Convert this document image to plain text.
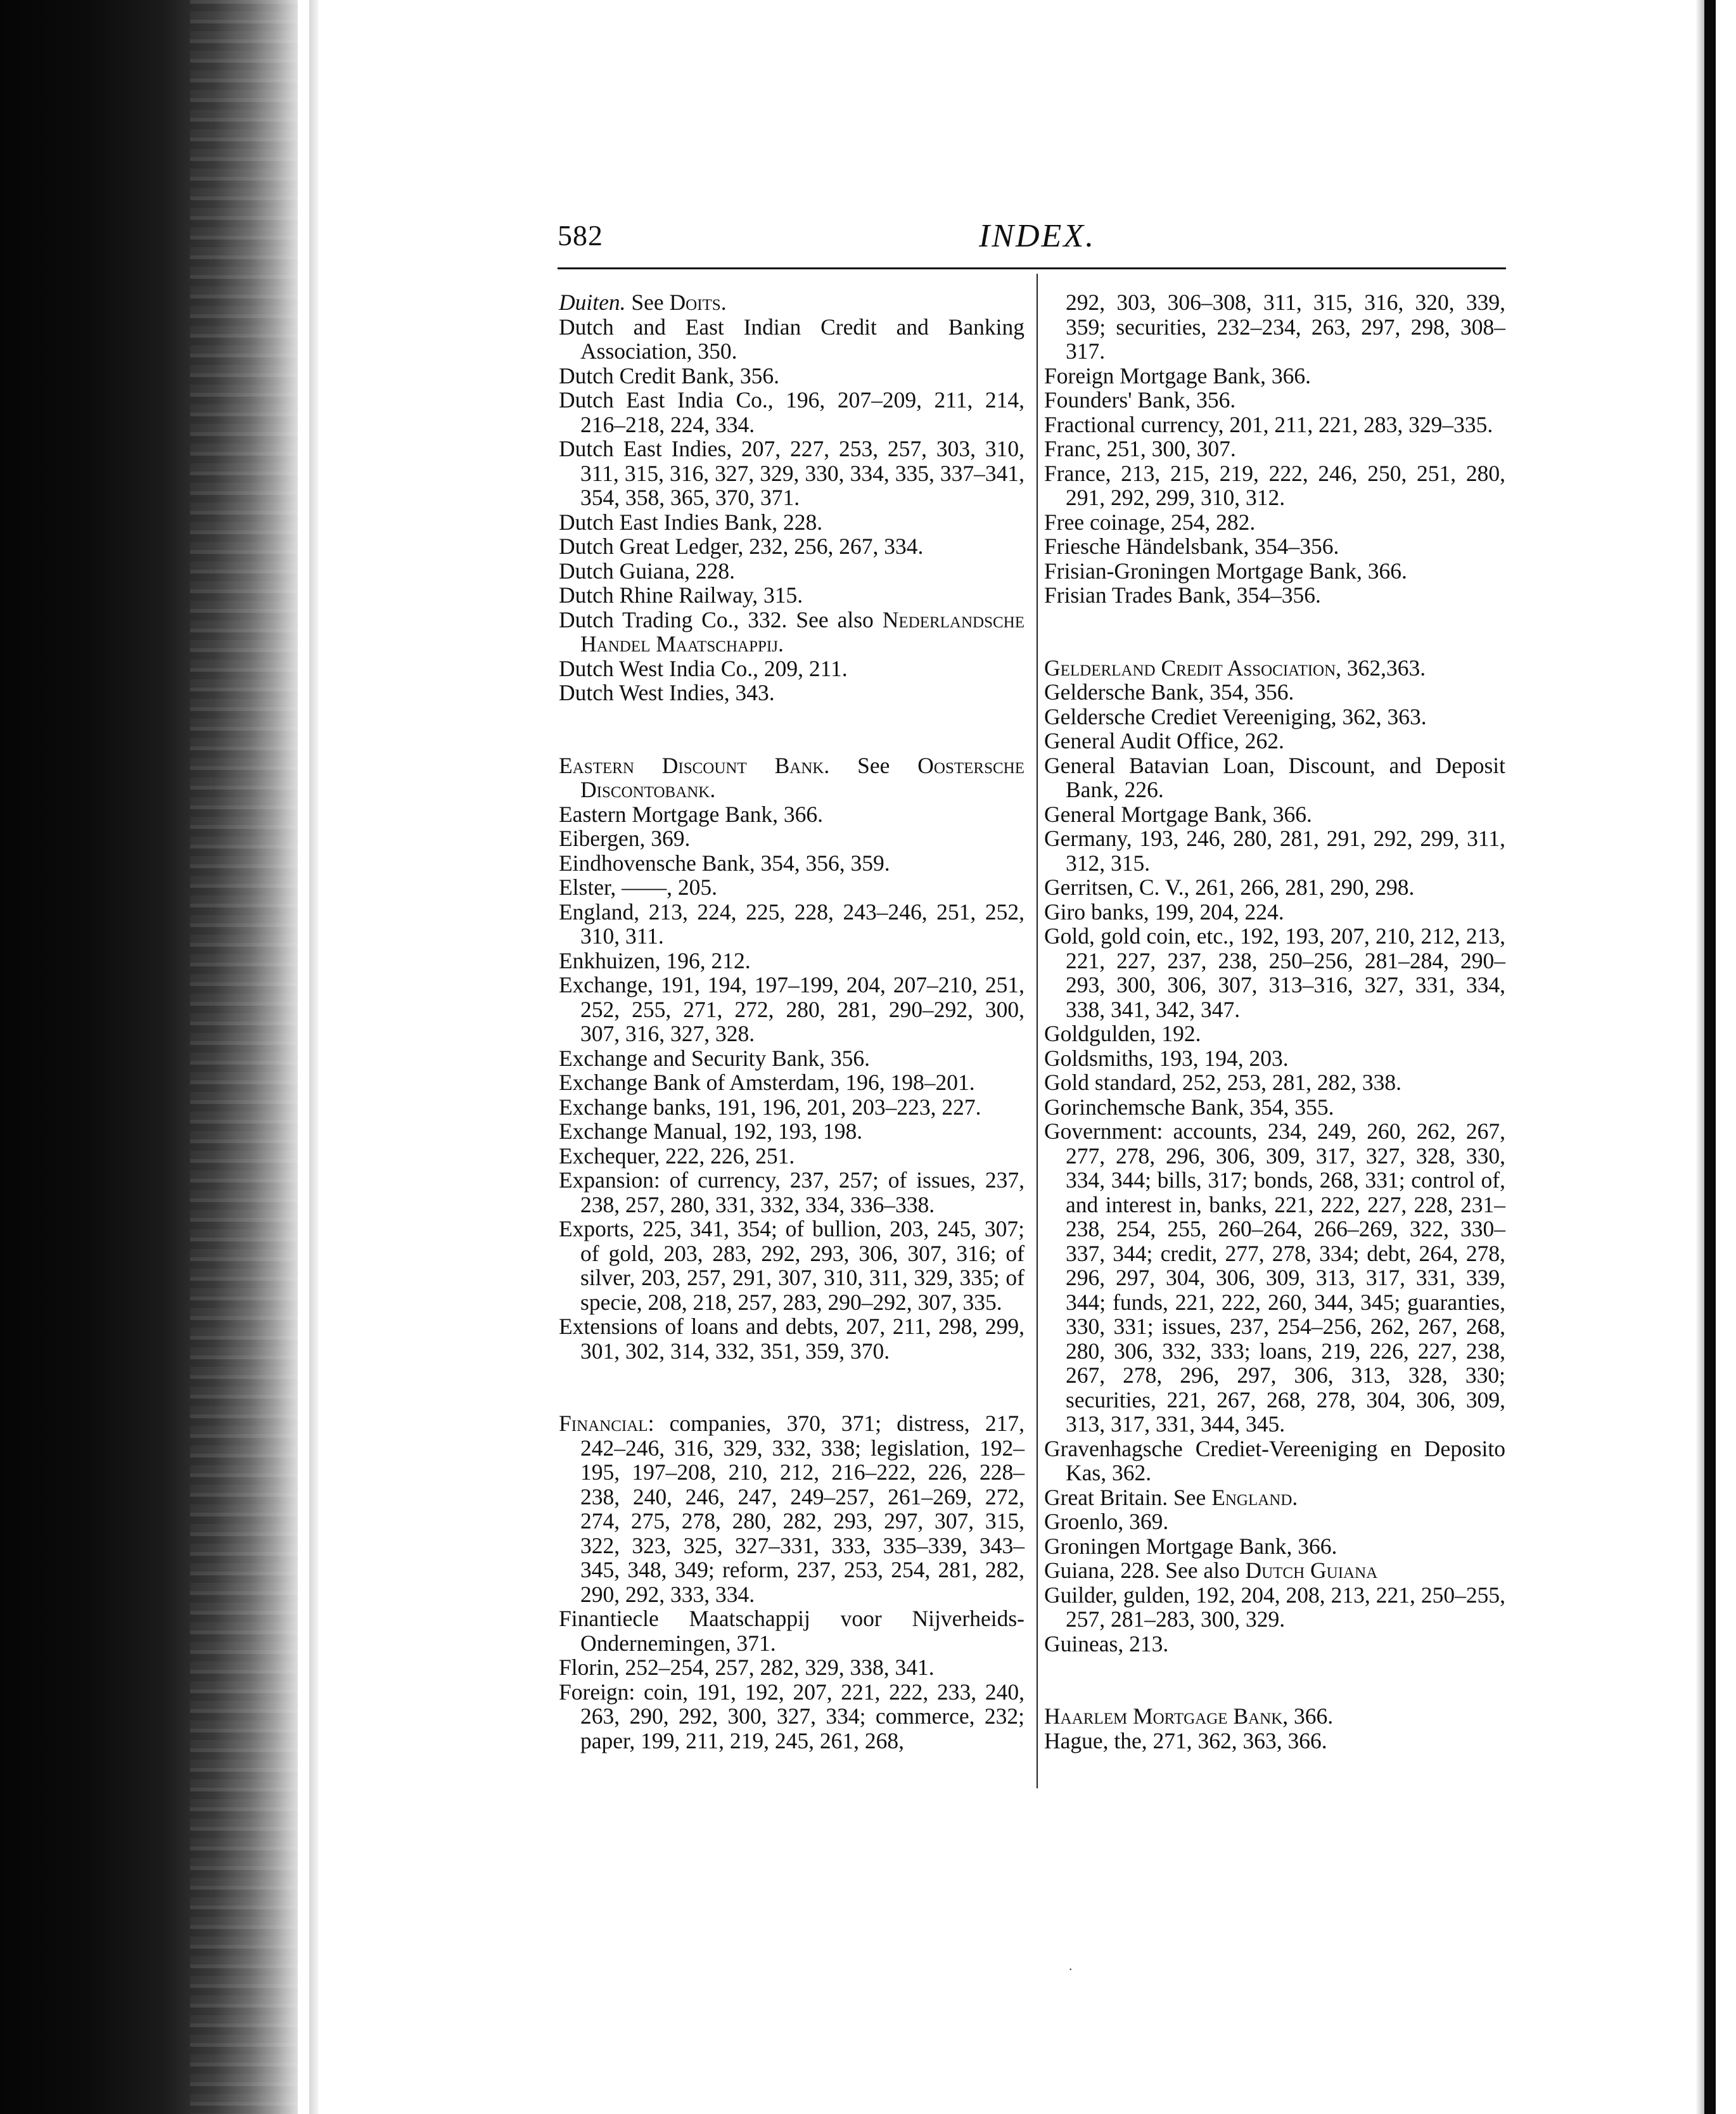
582	INDEX.

Duiten. See Doits.

Dutch and East Indian Credit and Banking Association, 350.

Dutch Credit Bank, 356.

Dutch East India Co., 196, 207–209, 211, 214, 216–218, 224, 334.

Dutch East Indies, 207, 227, 253, 257, 303, 310, 311, 315, 316, 327, 329, 330, 334, 335, 337–341, 354, 358, 365, 370, 371.

Dutch East Indies Bank, 228.

Dutch Great Ledger, 232, 256, 267, 334.

Dutch Guiana, 228.

Dutch Rhine Railway, 315.

Dutch Trading Co., 332. See also Nederlandsche Handel Maatschappij.

Dutch West India Co., 209, 211.

Dutch West Indies, 343.

Eastern Discount Bank. See Oostersche Discontobank.

Eastern Mortgage Bank, 366.

Eibergen, 369.

Eindhovensche Bank, 354, 356, 359.

Elster, ——, 205.

England, 213, 224, 225, 228, 243–246, 251, 252, 310, 311.

Enkhuizen, 196, 212.

Exchange, 191, 194, 197–199, 204, 207–210, 251, 252, 255, 271, 272, 280, 281, 290–292, 300, 307, 316, 327, 328.

Exchange and Security Bank, 356.

Exchange Bank of Amsterdam, 196, 198–201.

Exchange banks, 191, 196, 201, 203–223, 227.

Exchange Manual, 192, 193, 198.

Exchequer, 222, 226, 251.

Expansion: of currency, 237, 257; of issues, 237, 238, 257, 280, 331, 332, 334, 336–338.

Exports, 225, 341, 354; of bullion, 203, 245, 307; of gold, 203, 283, 292, 293, 306, 307, 316; of silver, 203, 257, 291, 307, 310, 311, 329, 335; of specie, 208, 218, 257, 283, 290–292, 307, 335.

Extensions of loans and debts, 207, 211, 298, 299, 301, 302, 314, 332, 351, 359, 370.

Financial: companies, 370, 371; distress, 217, 242–246, 316, 329, 332, 338; legislation, 192–195, 197–208, 210, 212, 216–222, 226, 228–238, 240, 246, 247, 249–257, 261–269, 272, 274, 275, 278, 280, 282, 293, 297, 307, 315, 322, 323, 325, 327–331, 333, 335–339, 343–345, 348, 349; reform, 237, 253, 254, 281, 282, 290, 292, 333, 334.

Finantiecle Maatschappij voor Nijverheids-Ondernemingen, 371.

Florin, 252–254, 257, 282, 329, 338, 341.

Foreign: coin, 191, 192, 207, 221, 222, 233, 240, 263, 290, 292, 300, 327, 334; commerce, 232; paper, 199, 211, 219, 245, 261, 268,

292, 303, 306–308, 311, 315, 316, 320, 339, 359; securities, 232–234, 263, 297, 298, 308–317.

Foreign Mortgage Bank, 366.

Founders' Bank, 356.

Fractional currency, 201, 211, 221, 283, 329–335.

Franc, 251, 300, 307.

France, 213, 215, 219, 222, 246, 250, 251, 280, 291, 292, 299, 310, 312.

Free coinage, 254, 282.

Friesche Händelsbank, 354–356.

Frisian-Groningen Mortgage Bank, 366.

Frisian Trades Bank, 354–356.

Gelderland Credit Association, 362,363.

Geldersche Bank, 354, 356.

Geldersche Crediet Vereeniging, 362, 363.

General Audit Office, 262.

General Batavian Loan, Discount, and Deposit Bank, 226.

General Mortgage Bank, 366.

Germany, 193, 246, 280, 281, 291, 292, 299, 311, 312, 315.

Gerritsen, C. V., 261, 266, 281, 290, 298.

Giro banks, 199, 204, 224.

Gold, gold coin, etc., 192, 193, 207, 210, 212, 213, 221, 227, 237, 238, 250–256, 281–284, 290–293, 300, 306, 307, 313–316, 327, 331, 334, 338, 341, 342, 347.

Goldgulden, 192.

Goldsmiths, 193, 194, 203.

Gold standard, 252, 253, 281, 282, 338.

Gorinchemsche Bank, 354, 355.

Government: accounts, 234, 249, 260, 262, 267, 277, 278, 296, 306, 309, 317, 327, 328, 330, 334, 344; bills, 317; bonds, 268, 331; control of, and interest in, banks, 221, 222, 227, 228, 231–238, 254, 255, 260–264, 266–269, 322, 330–337, 344; credit, 277, 278, 334; debt, 264, 278, 296, 297, 304, 306, 309, 313, 317, 331, 339, 344; funds, 221, 222, 260, 344, 345; guaranties, 330, 331; issues, 237, 254–256, 262, 267, 268, 280, 306, 332, 333; loans, 219, 226, 227, 238, 267, 278, 296, 297, 306, 313, 328, 330; securities, 221, 267, 268, 278, 304, 306, 309, 313, 317, 331, 344, 345.

Gravenhagsche Crediet-Vereeniging en Deposito Kas, 362.

Great Britain. See England.

Groenlo, 369.

Groningen Mortgage Bank, 366.

Guiana, 228. See also Dutch Guiana

Guilder, gulden, 192, 204, 208, 213, 221, 250–255, 257, 281–283, 300, 329.

Guineas, 213.

Haarlem Mortgage Bank, 366.

Hague, the, 271, 362, 363, 366.

·
